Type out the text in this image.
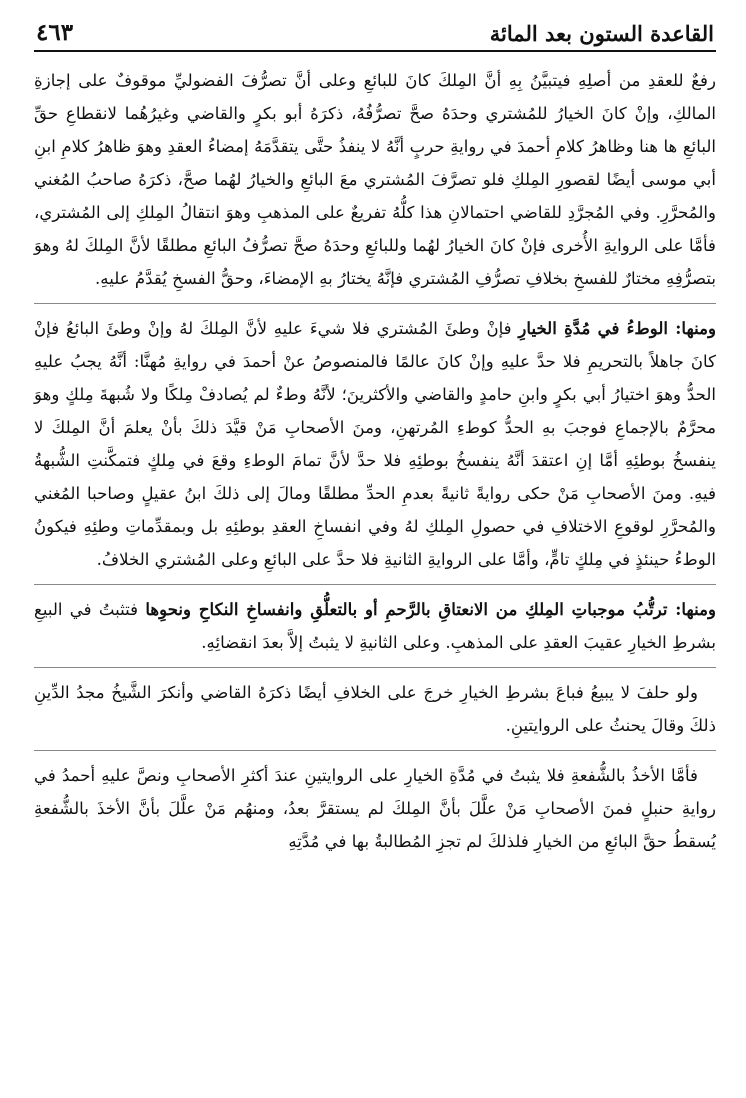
القاعدة الستون بعد المائة
٤٦٣

رفعٌ للعقدِ من أصلِهِ فيتبيَّنُ بِهِ أنَّ المِلكَ كانَ للبائعِ وعلى أنَّ تصرُّفَ الفضوليِّ موقوفٌ على إجازةِ المالكِ، وإنْ كانَ الخيارُ للمُشتري وحدَهُ صحَّ تصرُّفُهُ، ذكرَهُ أبو بكرٍ والقاضي وغيرُهُما لانقطاعِ حقِّ البائعِ ها هنا وظاهرُ كلامِ أحمدَ في روايةِ حربٍ أنَّهُ لا ينفذُ حتَّى يتقدَّمَهُ إمضاءُ العقدِ وهوَ ظاهرُ كلامِ ابنِ أبي موسى أيضًا لقصورِ المِلكِ فلو تصرَّفَ المُشتري معَ البائعِ والخيارُ لهُما صحَّ، ذكرَهُ صاحبُ المُغني والمُحرَّرِ. وفي المُجرَّدِ للقاضي احتمالانِ هذا كلُّهُ تفريعٌ على المذهبِ وهوَ انتقالُ المِلكِ إلى المُشتري، فأمَّا على الروايةِ الأُخرى فإنْ كانَ الخيارُ لهُما وللبائعِ وحدَهُ صحَّ تصرُّفُ البائعِ مطلقًا لأنَّ المِلكَ لهُ وهوَ بتصرُّفِهِ مختارٌ للفسخِ بخلافِ تصرُّفِ المُشتري فإنَّهُ يختارُ بهِ الإمضاءَ، وحقُّ الفسخِ يُقدَّمُ عليهِ.

ومنها: الوطءُ في مُدَّةِ الخيارِ فإنْ وطئَ المُشتري فلا شيءَ عليهِ لأنَّ المِلكَ لهُ وإنْ وطئَ البائعُ فإنْ كانَ جاهلاً بالتحريمِ فلا حدَّ عليهِ وإنْ كانَ عالمًا فالمنصوصُ عنْ أحمدَ في روايةِ مُهنَّا: أنَّهُ يجبُ عليهِ الحدُّ وهوَ اختيارُ أبي بكرٍ وابنِ حامدٍ والقاضي والأكثرينَ؛ لأنَّهُ وطءٌ لم يُصادفْ مِلكًا ولا شُبهةَ مِلكٍ وهوَ محرَّمٌ بالإجماعِ فوجبَ بهِ الحدُّ كوطءِ المُرتهنِ، ومنَ الأصحابِ مَنْ قيَّدَ ذلكَ بأنْ يعلمَ أنَّ المِلكَ لا ينفسخُ بوطئِهِ أمَّا إنِ اعتقدَ أنَّهُ ينفسخُ بوطئِهِ فلا حدَّ لأنَّ تمامَ الوطءِ وقعَ في مِلكٍ فتمكَّنتِ الشُّبهةُ فيهِ. ومنَ الأصحابِ مَنْ حكى روايةً ثانيةً بعدمِ الحدِّ مطلقًا ومالَ إلى ذلكَ ابنُ عقيلٍ وصاحبا المُغني والمُحرَّرِ لوقوعِ الاختلافِ في حصولِ المِلكِ لهُ وفي انفساخِ العقدِ بوطئِهِ بل وبمقدِّماتِ وطئِهِ فيكونُ الوطءُ حينئذٍ في مِلكٍ تامٍّ، وأمَّا على الروايةِ الثانيةِ فلا حدَّ على البائعِ وعلى المُشتري الخلافُ.

ومنها: ترتُّبُ موجباتِ المِلكِ من الانعتاقِ بالرَّحمِ أو بالتعلُّقِ وانفساخِ النكاحِ ونحوِها فتثبتُ في البيعِ بشرطِ الخيارِ عقيبَ العقدِ على المذهبِ. وعلى الثانيةِ لا يثبتُ إلاَّ بعدَ انقضائِهِ.

ولو حلفَ لا يبيعُ فباعَ بشرطِ الخيارِ خرجَ على الخلافِ أيضًا ذكرَهُ القاضي وأنكرَ الشَّيخُ مجدُ الدِّينِ ذلكَ وقالَ يحنثُ على الروايتينِ.

فأمَّا الأخذُ بالشُّفعةِ فلا يثبتُ في مُدَّةِ الخيارِ على الروايتينِ عندَ أكثرِ الأصحابِ ونصَّ عليهِ أحمدُ في روايةِ حنبلٍ فمنَ الأصحابِ مَنْ علَّلَ بأنَّ المِلكَ لم يستقرَّ بعدُ، ومنهُم مَنْ علَّلَ بأنَّ الأخذَ بالشُّفعةِ يُسقطُ حقَّ البائعِ من الخيارِ فلذلكَ لم تجزِ المُطالبةُ بها في مُدَّتِهِ
